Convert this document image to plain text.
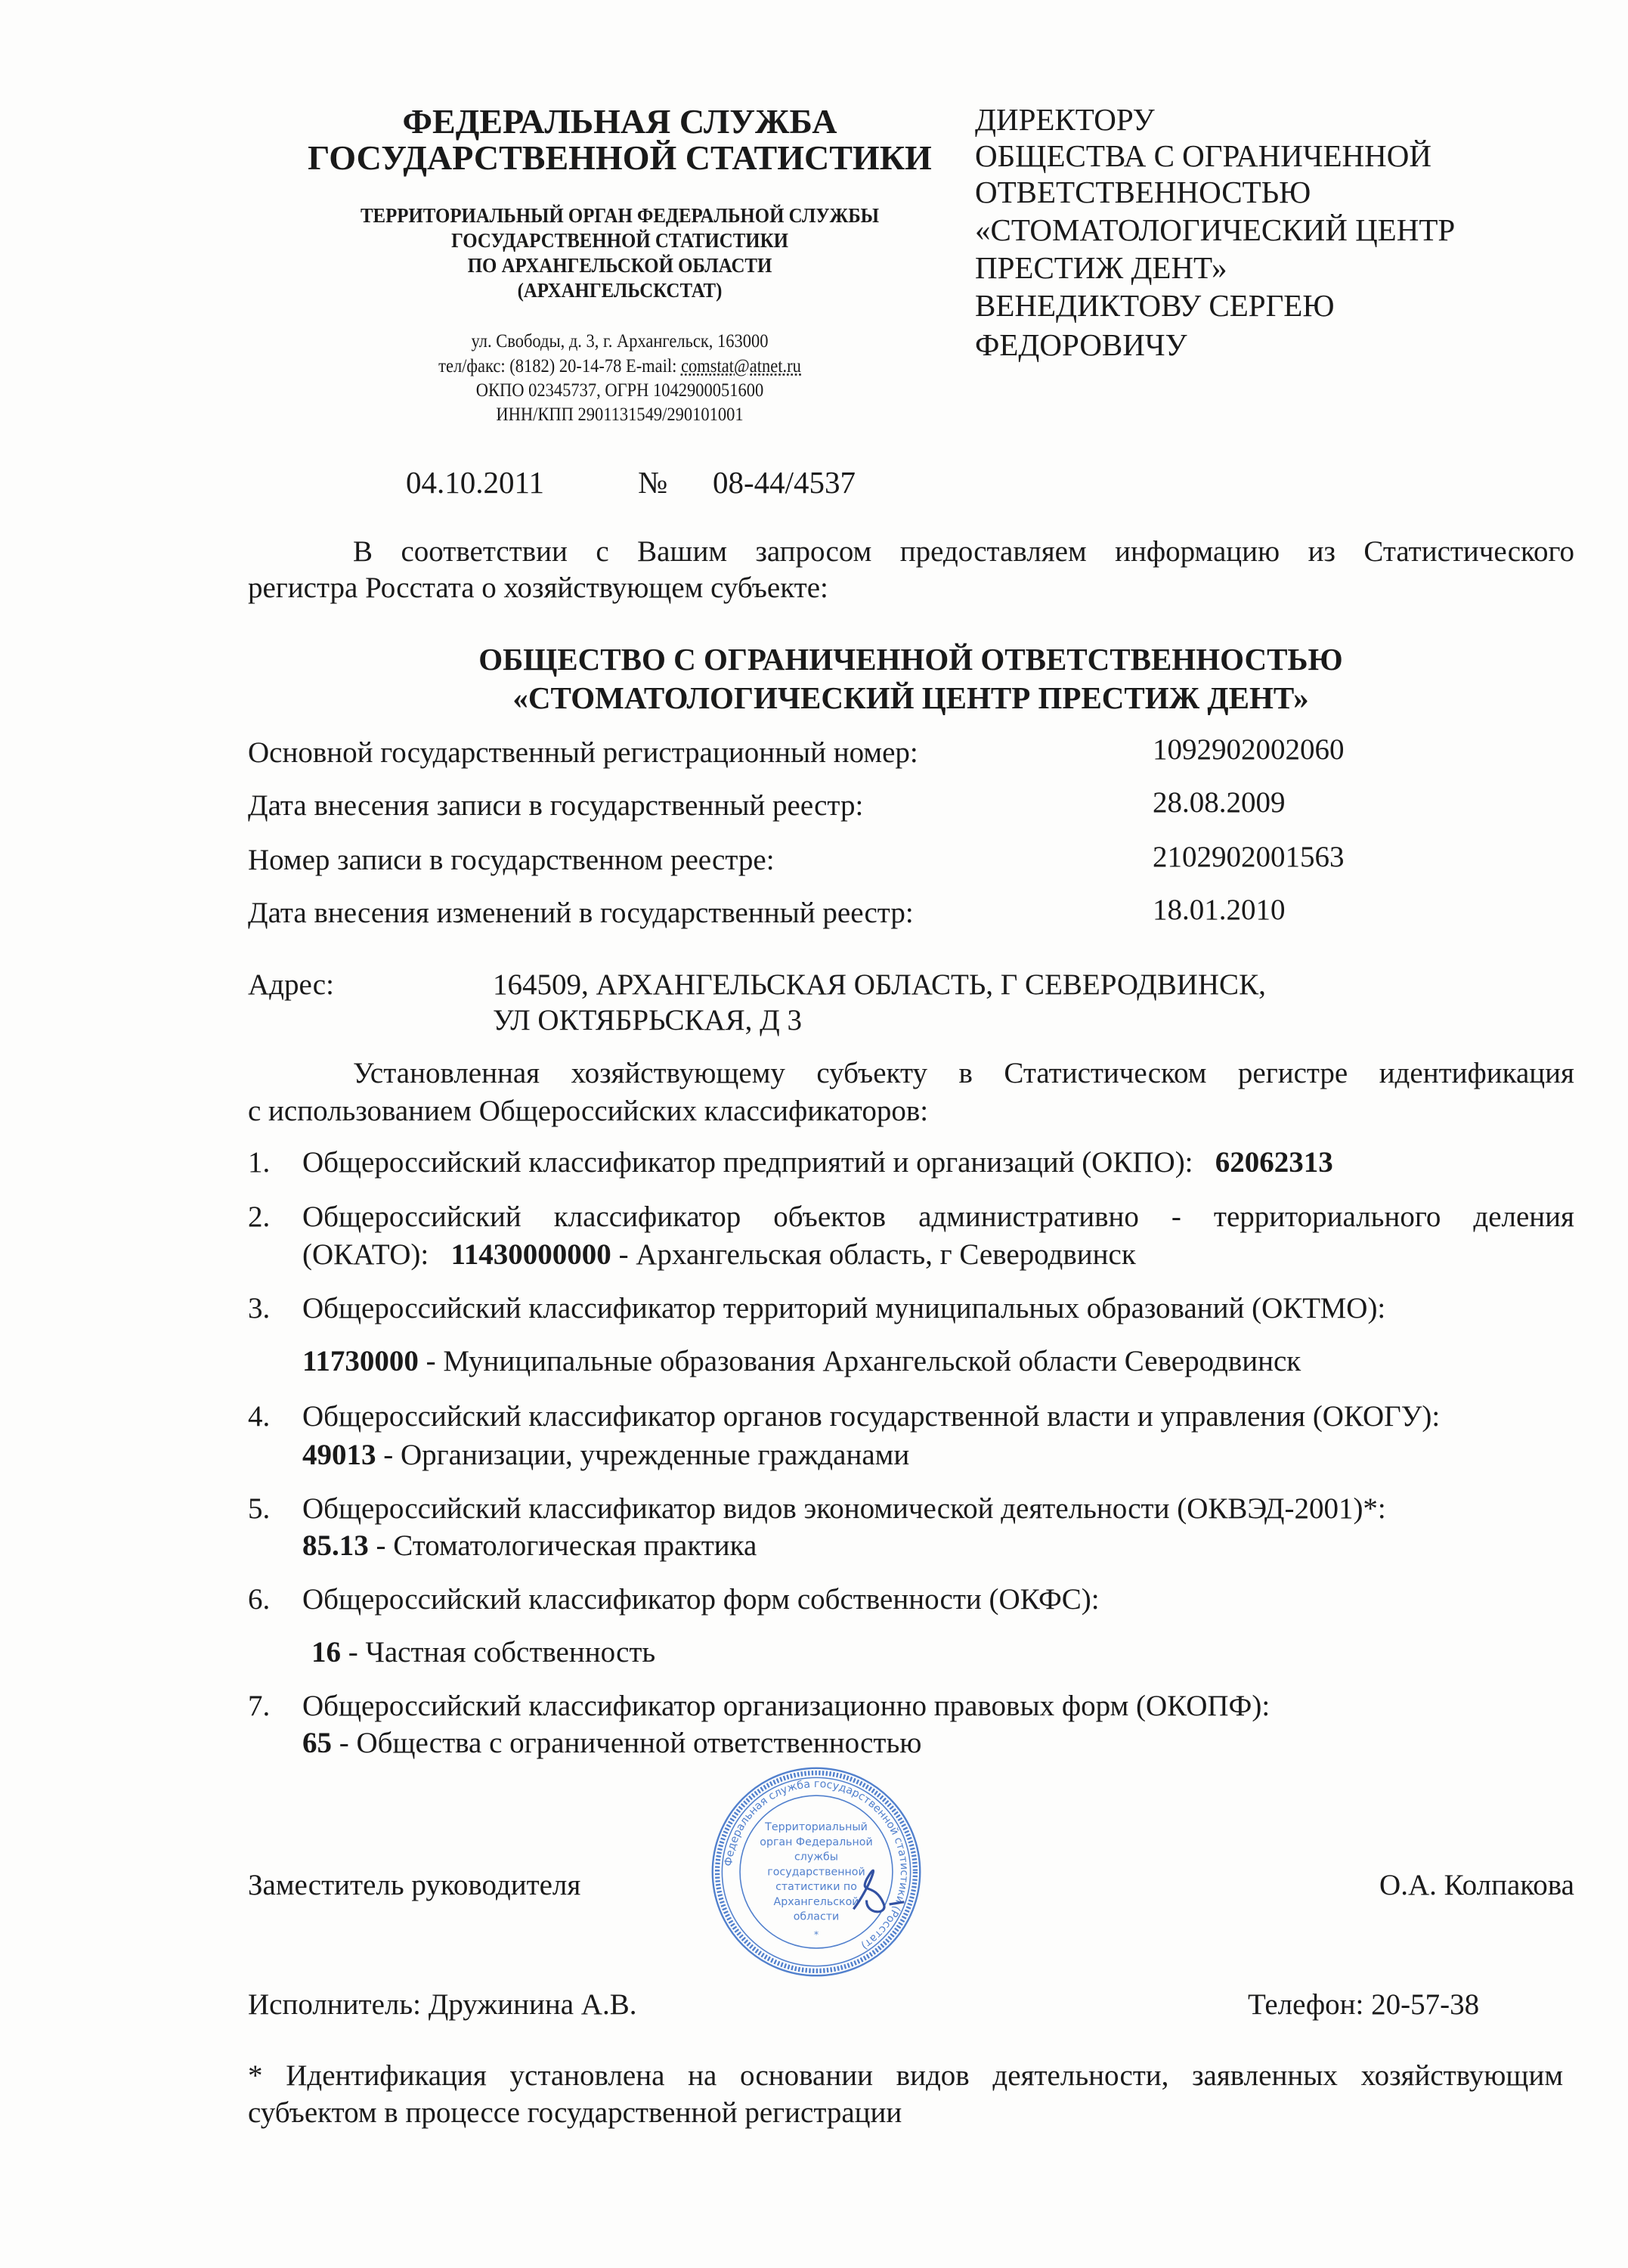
ФЕДЕРАЛЬНАЯ СЛУЖБА
ГОСУДАРСТВЕННОЙ СТАТИСТИКИ
ТЕРРИТОРИАЛЬНЫЙ ОРГАН ФЕДЕРАЛЬНОЙ СЛУЖБЫ
ГОСУДАРСТВЕННОЙ СТАТИСТИКИ
ПО АРХАНГЕЛЬСКОЙ ОБЛАСТИ
(АРХАНГЕЛЬСКСТАТ)
ул. Свободы, д. 3, г. Архангельск, 163000
тел/факс: (8182) 20-14-78 E-mail: comstat@atnet.ru
ОКПО 02345737, ОГРН 1042900051600
ИНН/КПП 2901131549/290101001
ДИРЕКТОРУ
ОБЩЕСТВА С ОГРАНИЧЕННОЙ
ОТВЕТСТВЕННОСТЬЮ
«СТОМАТОЛОГИЧЕСКИЙ ЦЕНТР
ПРЕСТИЖ ДЕНТ»
ВЕНЕДИКТОВУ СЕРГЕЮ
ФЕДОРОВИЧУ
04.10.2011	№ 08-44/4537
В соответствии с Вашим запросом предоставляем информацию из Статистического
регистра Росстата о хозяйствующем субъекте:
ОБЩЕСТВО С ОГРАНИЧЕННОЙ ОТВЕТСТВЕННОСТЬЮ
«СТОМАТОЛОГИЧЕСКИЙ ЦЕНТР ПРЕСТИЖ ДЕНТ»
Основной государственный регистрационный номер:	1092902002060
Дата внесения записи в государственный реестр:	28.08.2009
Номер записи в государственном реестре:	2102902001563
Дата внесения изменений в государственный реестр:	18.01.2010
Адрес:	164509, АРХАНГЕЛЬСКАЯ ОБЛАСТЬ, Г СЕВЕРОДВИНСК,
УЛ ОКТЯБРЬСКАЯ, Д 3
Установленная хозяйствующему субъекту в Статистическом регистре идентификация
с использованием Общероссийских классификаторов:
1. Общероссийский классификатор предприятий и организаций (ОКПО): 62062313
2. Общероссийский классификатор объектов административно - территориального деления
(ОКАТО): 11430000000 - Архангельская область, г Северодвинск
3. Общероссийский классификатор территорий муниципальных образований (ОКТМО):
11730000 - Муниципальные образования Архангельской области Северодвинск
4. Общероссийский классификатор органов государственной власти и управления (ОКОГУ):
49013 - Организации, учрежденные гражданами
5. Общероссийский классификатор видов экономической деятельности (ОКВЭД-2001)*:
85.13 - Стоматологическая практика
6. Общероссийский классификатор форм собственности (ОКФС):
16 - Частная собственность
7. Общероссийский классификатор организационно правовых форм (ОКОПФ):
65 - Общества с ограниченной ответственностью
Федеральная служба государственной статистики (Росстат)
Территориальный
орган Федеральной
службы
государственной
статистики по
Архангельской
области
*
Заместитель руководителя	О.А. Колпакова
Исполнитель: Дружинина А.В.	Телефон: 20-57-38
* Идентификация установлена на основании видов деятельности, заявленных хозяйствующим
субъектом в процессе государственной регистрации
